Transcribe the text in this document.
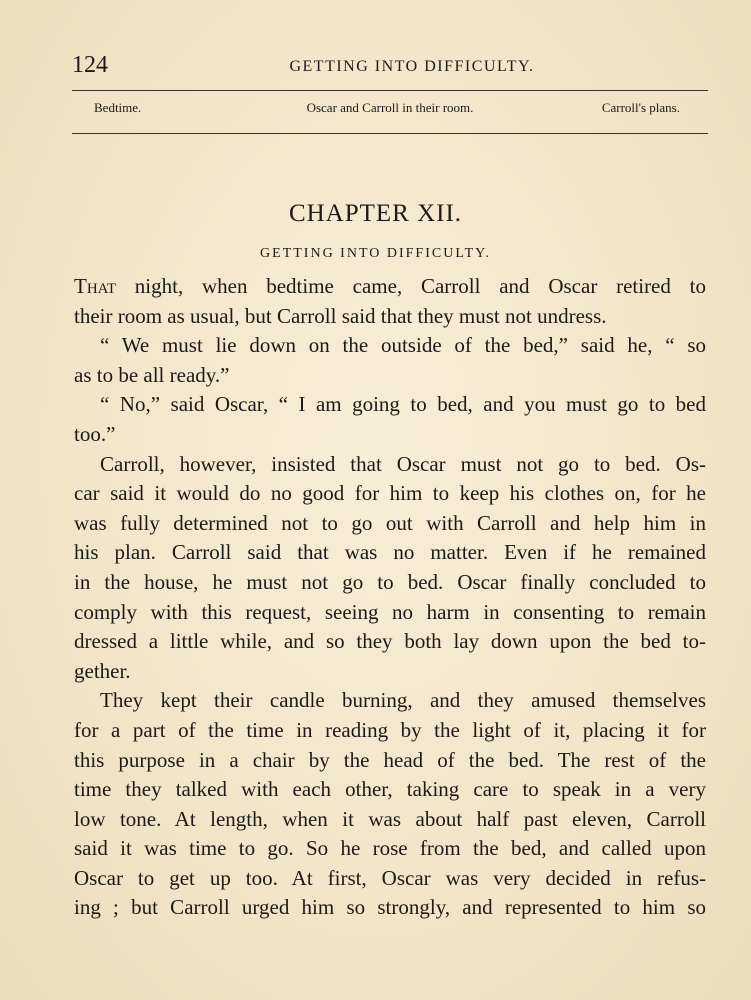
124	GETTING INTO DIFFICULTY.
Bedtime.	Oscar and Carroll in their room.	Carroll's plans.
CHAPTER XII.
GETTING INTO DIFFICULTY.
That night, when bedtime came, Carroll and Oscar retired to
their room as usual, but Carroll said that they must not undress.
“ We must lie down on the outside of the bed,” said he, “ so
as to be all ready.”
“ No,” said Oscar, “ I am going to bed, and you must go to bed
too.”
Carroll, however, insisted that Oscar must not go to bed. Os-
car said it would do no good for him to keep his clothes on, for he
was fully determined not to go out with Carroll and help him in
his plan. Carroll said that was no matter. Even if he remained
in the house, he must not go to bed. Oscar finally concluded to
comply with this request, seeing no harm in consenting to remain
dressed a little while, and so they both lay down upon the bed to-
gether.
They kept their candle burning, and they amused themselves
for a part of the time in reading by the light of it, placing it for
this purpose in a chair by the head of the bed. The rest of the
time they talked with each other, taking care to speak in a very
low tone. At length, when it was about half past eleven, Carroll
said it was time to go. So he rose from the bed, and called upon
Oscar to get up too. At first, Oscar was very decided in refus-
ing ; but Carroll urged him so strongly, and represented to him so
